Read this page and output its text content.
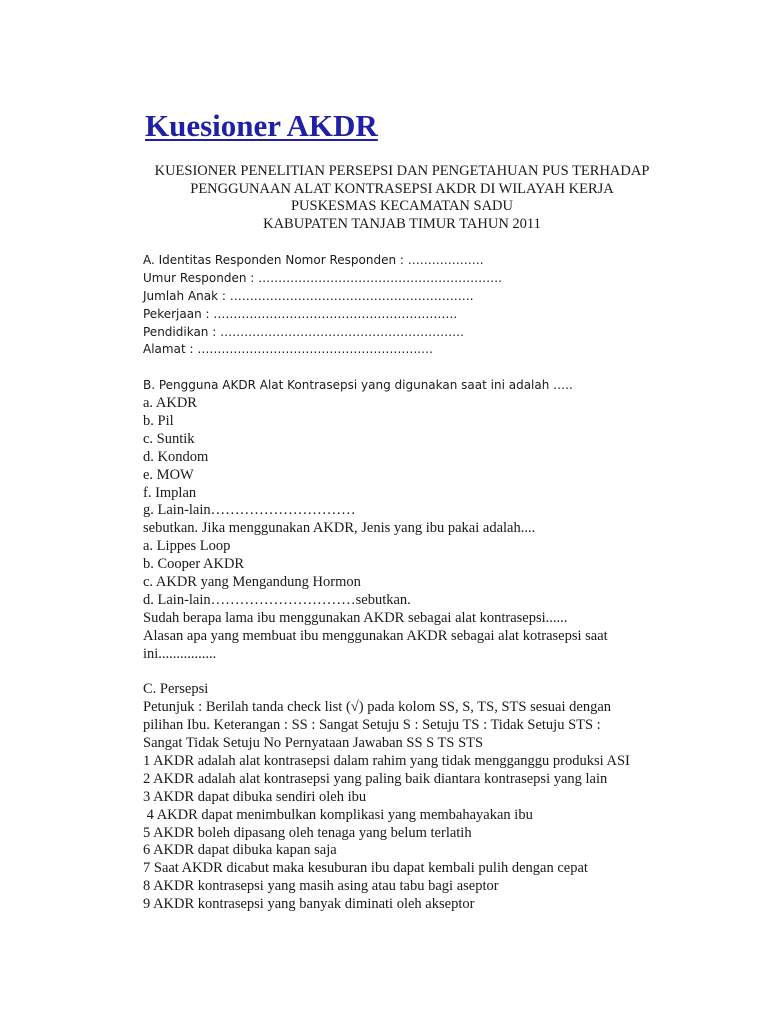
Kuesioner AKDR
KUESIONER PENELITIAN PERSEPSI DAN PENGETAHUAN PUS TERHADAP
PENGGUNAAN ALAT KONTRASEPSI AKDR DI WILAYAH KERJA
PUSKESMAS KECAMATAN SADU
KABUPATEN TANJAB TIMUR TAHUN 2011
A. Identitas Responden Nomor Responden : ……………….
Umur Responden : …………………………………………………….
Jumlah Anak : …………………………………………………….
Pekerjaan : …………………………………………………….
Pendidikan : …………………………………………………….
Alamat : ……………………………………………….….
B. Pengguna AKDR Alat Kontrasepsi yang digunakan saat ini adalah …..
a. AKDR
b. Pil
c. Suntik
d. Kondom
e. MOW
f. Implan
g. Lain-lain…………………………
sebutkan. Jika menggunakan AKDR, Jenis yang ibu pakai adalah....
a. Lippes Loop
b. Cooper AKDR
c. AKDR yang Mengandung Hormon
d. Lain-lain…………………………sebutkan.
Sudah berapa lama ibu menggunakan AKDR sebagai alat kontrasepsi......
Alasan apa yang membuat ibu menggunakan AKDR sebagai alat kotrasepsi saat
ini................
C. Persepsi
Petunjuk : Berilah tanda check list (√) pada kolom SS, S, TS, STS sesuai dengan
pilihan Ibu. Keterangan : SS : Sangat Setuju S : Setuju TS : Tidak Setuju STS :
Sangat Tidak Setuju No Pernyataan Jawaban SS S TS STS
1 AKDR adalah alat kontrasepsi dalam rahim yang tidak mengganggu produksi ASI
2 AKDR adalah alat kontrasepsi yang paling baik diantara kontrasepsi yang lain
3 AKDR dapat dibuka sendiri oleh ibu
4 AKDR dapat menimbulkan komplikasi yang membahayakan ibu
5 AKDR boleh dipasang oleh tenaga yang belum terlatih
6 AKDR dapat dibuka kapan saja
7 Saat AKDR dicabut maka kesuburan ibu dapat kembali pulih dengan cepat
8 AKDR kontrasepsi yang masih asing atau tabu bagi aseptor
9 AKDR kontrasepsi yang banyak diminati oleh akseptor
